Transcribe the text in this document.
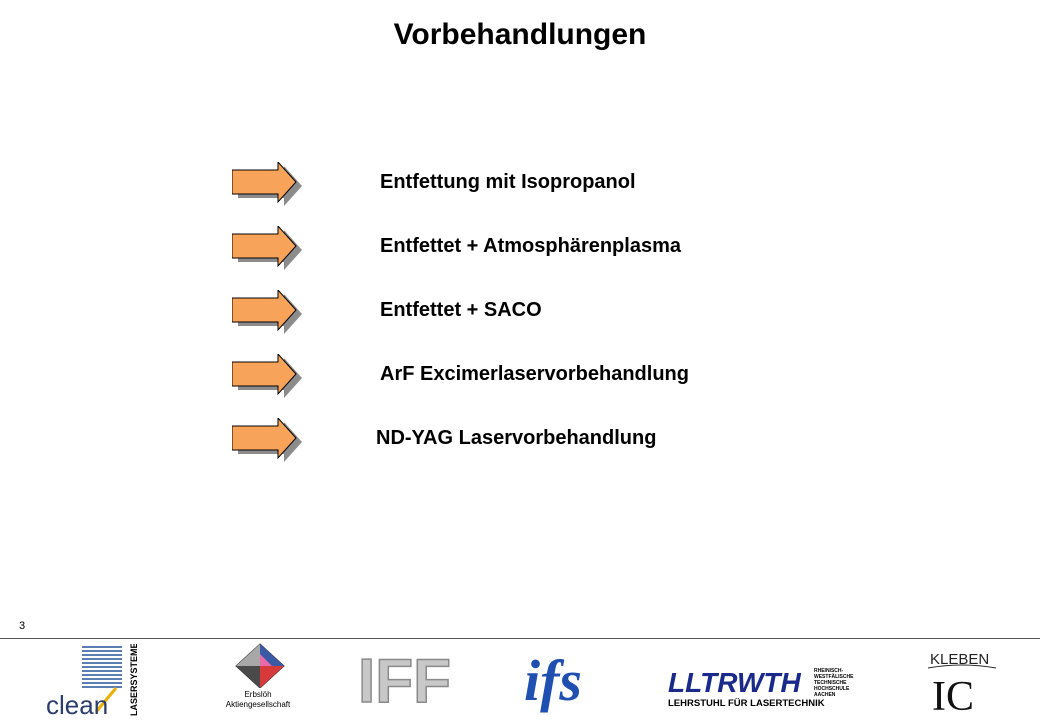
Vorbehandlungen
Entfettung mit Isopropanol
Entfettet + Atmosphärenplasma
Entfettet + SACO
ArF Excimerlaservorbehandlung
ND-YAG Laservorbehandlung
3
clean LASERSYSTEME	Erbslöh
Aktiengesellschaft IFF ifs	LLTRWTH	RHEINISCH-
WESTFÄLISCHE
TECHNISCHE
HOCHSCHULE
AACHEN
LEHRSTUHL FÜR LASERTECHNIK
KLEBEN
IC
